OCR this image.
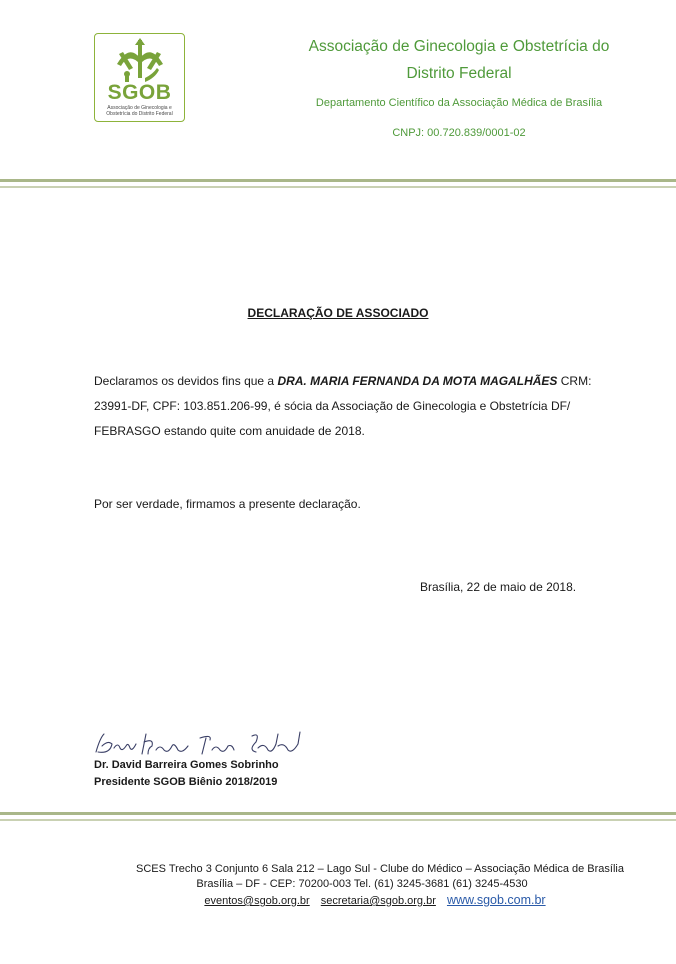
SGOB
Associação de Ginecologia e Obstetrícia do Distrito Federal
Associação de Ginecologia e Obstetrícia do
Distrito Federal
Departamento Científico da Associação Médica de Brasília
CNPJ: 00.720.839/0001-02
DECLARAÇÃO DE ASSOCIADO
Declaramos os devidos fins que a DRA. MARIA FERNANDA DA MOTA MAGALHÃES CRM: 23991-DF, CPF: 103.851.206-99, é sócia da Associação de Ginecologia e Obstetrícia DF/ FEBRASGO estando quite com anuidade de 2018.
Por ser verdade, firmamos a presente declaração.
Brasília, 22 de maio de 2018.
Dr. David Barreira Gomes Sobrinho
Presidente SGOB Biênio 2018/2019
SCES Trecho 3 Conjunto 6 Sala 212 – Lago Sul - Clube do Médico – Associação Médica de Brasília
Brasília – DF - CEP: 70200-003 Tel. (61) 3245-3681 (61) 3245-4530
eventos@sgob.org.br secretaria@sgob.org.br www.sgob.com.br
